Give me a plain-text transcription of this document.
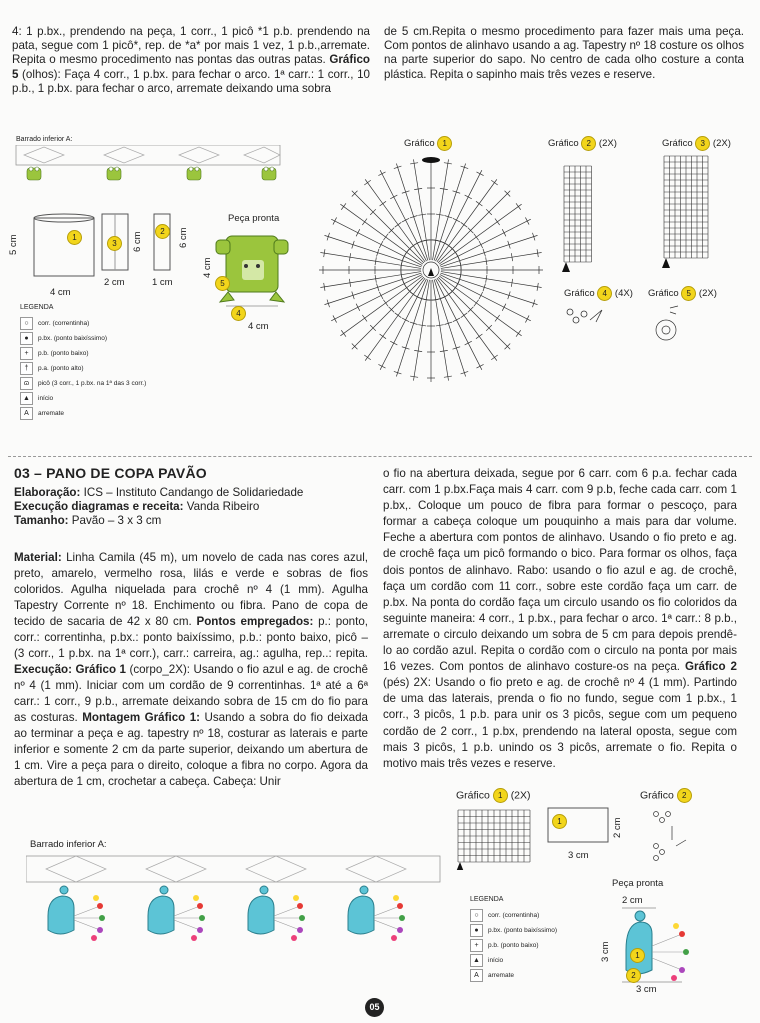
4: 1 p.bx., prendendo na peça, 1 corr., 1 picô *1 p.b. prendendo na pata, segue com 1 picô*, rep. de *a* por mais 1 vez, 1 p.b.,arremate. Repita o mesmo procedimento nas pontas das outras patas. Gráfico 5 (olhos): Faça 4 corr., 1 p.bx. para fechar o arco. 1ª carr.: 1 corr., 10 p.b., 1 p.bx. para fechar o arco, arremate deixando uma sobra

de 5 cm.Repita o mesmo procedimento para fazer mais uma peça. Com pontos de alinhavo usando a ag. Tapestry nº 18 costure os olhos na parte superior do sapo. No centro de cada olho costure a conta plástica. Repita o sapinho mais três vezes e reserve.

Barrado inferior A:
1
5 cm
4 cm
3	6 cm
2 cm
2	6 cm
1 cm
Peça pronta
4 cm
4 cm
5
4
LEGENDA
○	corr. (correntinha)
●	p.bx. (ponto baixíssimo)
+	p.b. (ponto baixo)
†	p.a. (ponto alto)
ɷ	picô (3 corr., 1 p.bx. na 1ª das 3 corr.)
▲	início
A	arremate
Gráfico 1	Gráfico 2 (2X)	Gráfico 3 (2X)
Gráfico 4 (4X) Gráfico 5 (2X)
03 – PANO DE COPA PAVÃO

Elaboração: ICS – Instituto Candango de Solidariedade

Execução diagramas e receita: Vanda Ribeiro

Tamanho: Pavão – 3 x 3 cm

Material: Linha Camila (45 m), um novelo de cada nas cores azul, preto, amarelo, vermelho rosa, lilás e verde e sobras de fios coloridos. Agulha niquelada para crochê nº 4 (1 mm). Agulha Tapestry Corrente nº 18. Enchimento ou fibra. Pano de copa de tecido de sacaria de 42 x 80 cm. Pontos empregados: p.: ponto, corr.: correntinha, p.bx.: ponto baixíssimo, p.b.: ponto baixo, picô – (3 corr., 1 p.bx. na 1ª corr.), carr.: carreira, ag.: agulha, rep..: repita. Execução: Gráfico 1 (corpo_2X): Usando o fio azul e ag. de crochê nº 4 (1 mm). Iniciar com um cordão de 9 correntinhas. 1ª até a 6ª carr.: 1 corr., 9 p.b., arremate deixando sobra de 15 cm do fio para as costuras. Montagem Gráfico 1: Usando a sobra do fio deixada ao terminar a peça e ag. tapestry nº 18, costurar as laterais e parte inferior e somente 2 cm da parte superior, deixando um abertura de 1 cm. Vire a peça para o direito, coloque a fibra no corpo. Agora da abertura de 1 cm, crochetar a cabeça. Cabeça: Unir

o fio na abertura deixada, segue por 6 carr. com 6 p.a. fechar cada carr. com 1 p.bx.Faça mais 4 carr. com 9 p.b, feche cada carr. com 1 p.bx,. Coloque um pouco de fibra para formar o pescoço, para formar a cabeça coloque um pouquinho a mais para dar volume. Feche a abertura com pontos de alinhavo. Usando o fio preto e ag. de crochê faça um picô formando o bico. Para formar os olhos, faça dois pontos de alinhavo. Rabo: usando o fio azul e ag. de crochê, faça um cordão com 11 corr., sobre este cordão faça um carr. de p.bx. Na ponta do cordão faça um circulo usando os fio coloridos da seguinte maneira: 4 corr., 1 p.bx., para fechar o arco. 1ª carr.: 8 p.b., arremate o circulo deixando um sobra de 5 cm para depois prendê-lo ao cordão azul. Repita o cordão com o circulo na ponta por mais 16 vezes. Com pontos de alinhavo costure-os na peça. Gráfico 2 (pés) 2X: Usando o fio preto e ag. de crochê nº 4 (1 mm). Partindo de uma das laterais, prenda o fio no fundo, segue com 1 p.bx., 1 corr., 3 picôs, 1 p.b. para unir os 3 picôs, segue com um pequeno cordão de 2 corr., 1 p.bx, prendendo na lateral oposta, segue com mais 3 picôs, 1 p.b. unindo os 3 picôs, arremate o fio. Repita o motivo mais três vezes e reserve.

Gráfico 1 (2X)
1	2 cm
3 cm
Gráfico 2
Barrado inferior A:
LEGENDA
○	corr. (correntinha)
●	p.bx. (ponto baixíssimo)
+	p.b. (ponto baixo)
▲	início
A	arremate
Peça pronta
2 cm
1
2
3 cm
3 cm
05
